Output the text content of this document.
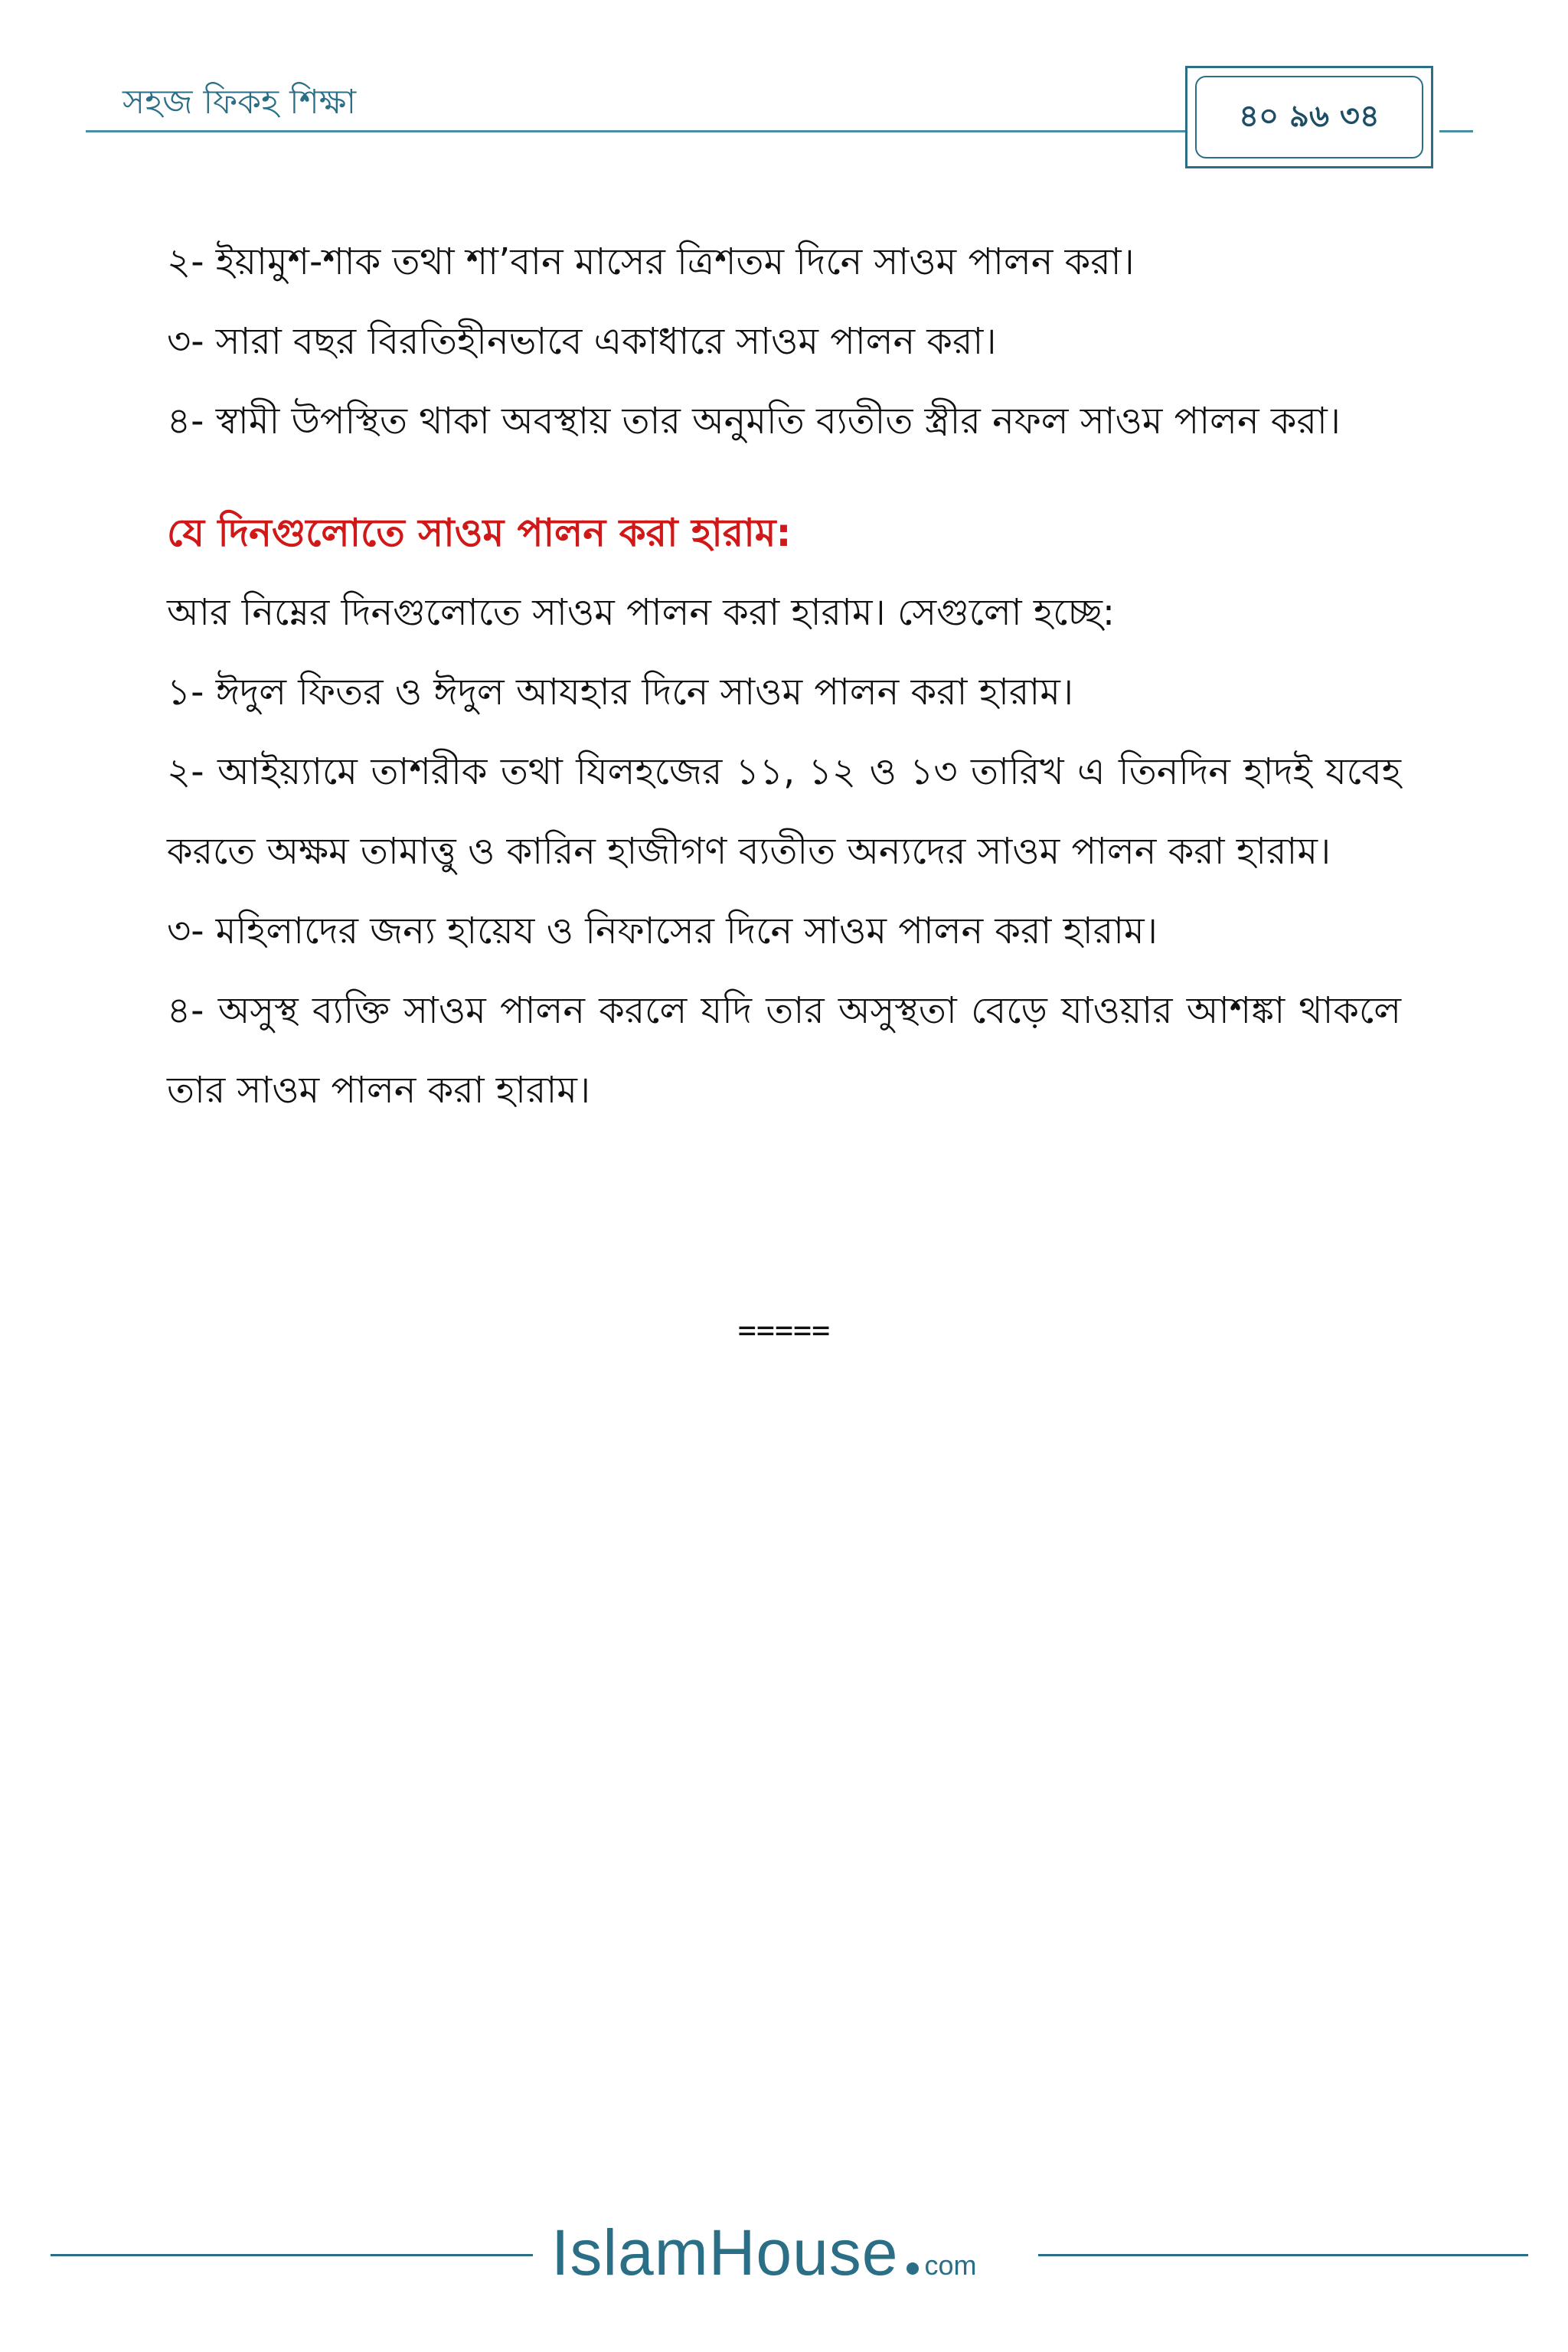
সহজ ফিকহ শিক্ষা	৪০ ৯৬ ৩৪

২- ইয়ামুশ-শাক তথা শা’বান মাসের ত্রিশতম দিনে সাওম পালন করা।

৩- সারা বছর বিরতিহীনভাবে একাধারে সাওম পালন করা।

৪- স্বামী উপস্থিত থাকা অবস্থায় তার অনুমতি ব্যতীত স্ত্রীর নফল সাওম পালন করা।

যে দিনগুলোতে সাওম পালন করা হারাম:

আর নিম্নের দিনগুলোতে সাওম পালন করা হারাম। সেগুলো হচ্ছে:

১- ঈদুল ফিতর ও ঈদুল আযহার দিনে সাওম পালন করা হারাম।

২- আইয়্যামে তাশরীক তথা যিলহজের ১১, ১২ ও ১৩ তারিখ এ তিনদিন হাদই যবেহ করতে অক্ষম তামাত্তু ও কারিন হাজীগণ ব্যতীত অন্যদের সাওম পালন করা হারাম।

৩- মহিলাদের জন্য হায়েয ও নিফাসের দিনে সাওম পালন করা হারাম।

৪- অসুস্থ ব্যক্তি সাওম পালন করলে যদি তার অসুস্থতা বেড়ে যাওয়ার আশঙ্কা থাকলে তার সাওম পালন করা হারাম।

=====
IslamHouse com
